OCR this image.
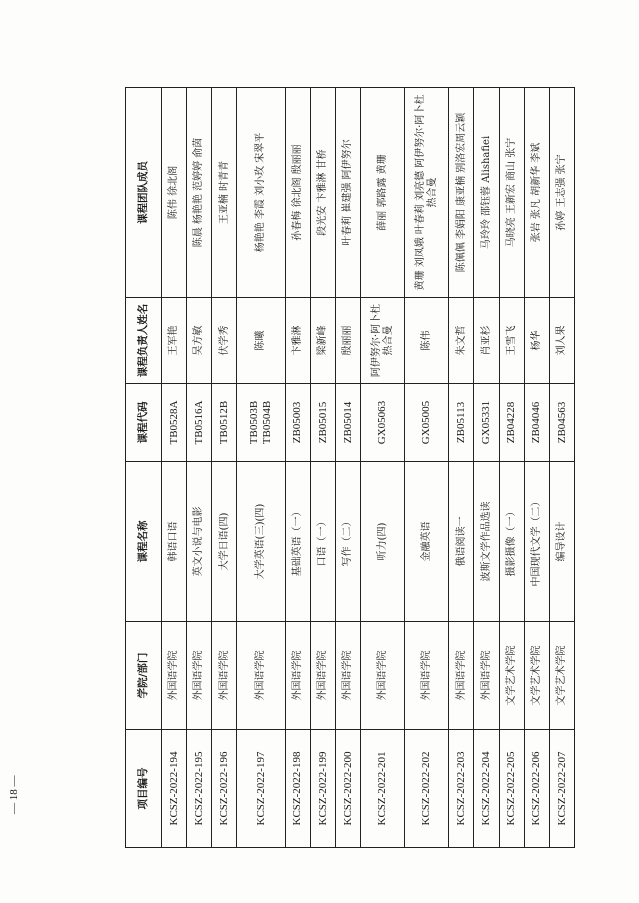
项目编号	学院/部门	课程名称	课程代码	课程负责人姓名	课程团队成员
KCSZ-2022-194	外国语学院	韩语口语	TB0528A	王军艳	陈伟 徐北阁
KCSZ-2022-195	外国语学院	英文小说与电影	TB0516A	吴方敏	陈晨 杨艳艳 范婷婷 俞茵
KCSZ-2022-196	外国语学院	大学日语(四)	TB0512B	伏学秀	王亚楠 时青青
KCSZ-2022-197	外国语学院	大学英语(三)(四)	TB0503B TB0504B	陈曦	杨艳艳 李霞 刘小玫 宋翠平
KCSZ-2022-198	外国语学院	基础英语（一）	ZB05003	卞雅淋	孙春梅 徐北阁 殷丽丽
KCSZ-2022-199	外国语学院	口语（一）	ZB05015	梁新峰	段光安 卞雅淋 甘桥
KCSZ-2022-200	外国语学院	写作（二）	ZB05014	殷丽丽	叶春莉 崔建强 阿伊努尔
KCSZ-2022-201	外国语学院	听力(四)	GX05063	阿伊努尔·阿卜杜热合曼	薛丽 郭路露 黄珊
KCSZ-2022-202	外国语学院	金融英语	GX05005	陈伟	黄珊 刘凤娥 叶春莉 刘亮德 阿伊努尔·阿卜杜热合曼
KCSZ-2022-203	外国语学院	俄语阅读一	ZB05113	朱文哲	陈佩佩 李娟阳 康亚楠 别洛宏周云颖
KCSZ-2022-204	外国语学院	波斯文学作品选读	GX05331	肖亚杉	马玲玲 邵钰蓉 Alishafiei
KCSZ-2022-205	文学艺术学院	摄影摄像（一）	ZB04228	王雪飞	马晓亮 王新宏 商山 张宁
KCSZ-2022-206	文学艺术学院	中国现代文学（二）	ZB04046	杨华	张岩 张凡 胡新华 李斌
KCSZ-2022-207	文学艺术学院	编导设计	ZB04563	刘人果	孙婷 王志强 张宁
— 18 —
